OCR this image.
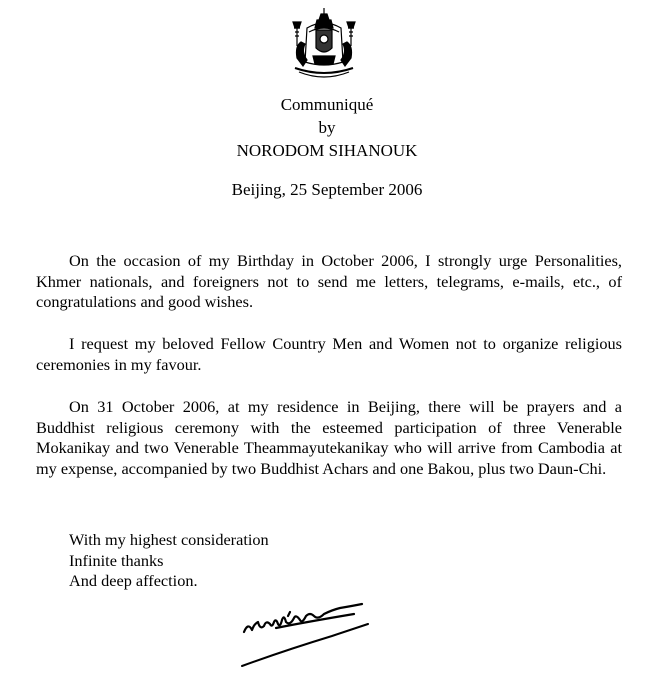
Communiqué

by

NORODOM SIHANOUK

Beijing, 25 September 2006

On the occasion of my Birthday in October 2006, I strongly urge Personalities, Khmer nationals, and foreigners not to send me letters, telegrams, e-mails, etc., of congratulations and good wishes.

I request my beloved Fellow Country Men and Women not to organize religious ceremonies in my favour.

On 31 October 2006, at my residence in Beijing, there will be prayers and a Buddhist religious ceremony with the esteemed participation of three Venerable Mokanikay and two Venerable Theammayutekanikay who will arrive from Cambodia at my expense, accompanied by two Buddhist Achars and one Bakou, plus two Daun-Chi.

With my highest consideration
Infinite thanks
And deep affection.
